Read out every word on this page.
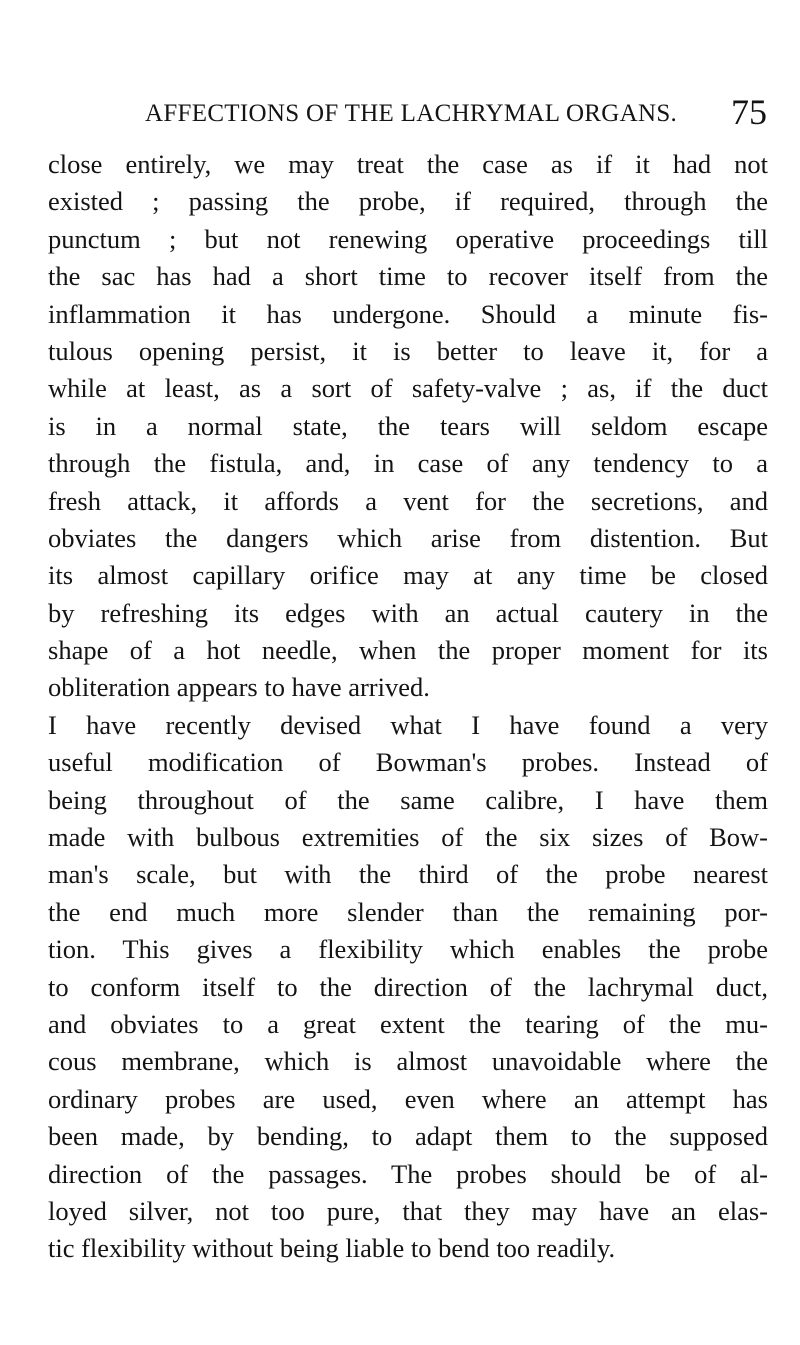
AFFECTIONS OF THE LACHRYMAL ORGANS. 75
close entirely, we may treat the case as if it had not
existed ; passing the probe, if required, through the
punctum ; but not renewing operative proceedings till
the sac has had a short time to recover itself from the
inflammation it has undergone. Should a minute fis-
tulous opening persist, it is better to leave it, for a
while at least, as a sort of safety-valve ; as, if the duct
is in a normal state, the tears will seldom escape
through the fistula, and, in case of any tendency to a
fresh attack, it affords a vent for the secretions, and
obviates the dangers which arise from distention. But
its almost capillary orifice may at any time be closed
by refreshing its edges with an actual cautery in the
shape of a hot needle, when the proper moment for its
obliteration appears to have arrived.
I have recently devised what I have found a very
useful modification of Bowman's probes. Instead of
being throughout of the same calibre, I have them
made with bulbous extremities of the six sizes of Bow-
man's scale, but with the third of the probe nearest
the end much more slender than the remaining por-
tion. This gives a flexibility which enables the probe
to conform itself to the direction of the lachrymal duct,
and obviates to a great extent the tearing of the mu-
cous membrane, which is almost unavoidable where the
ordinary probes are used, even where an attempt has
been made, by bending, to adapt them to the supposed
direction of the passages. The probes should be of al-
loyed silver, not too pure, that they may have an elas-
tic flexibility without being liable to bend too readily.
